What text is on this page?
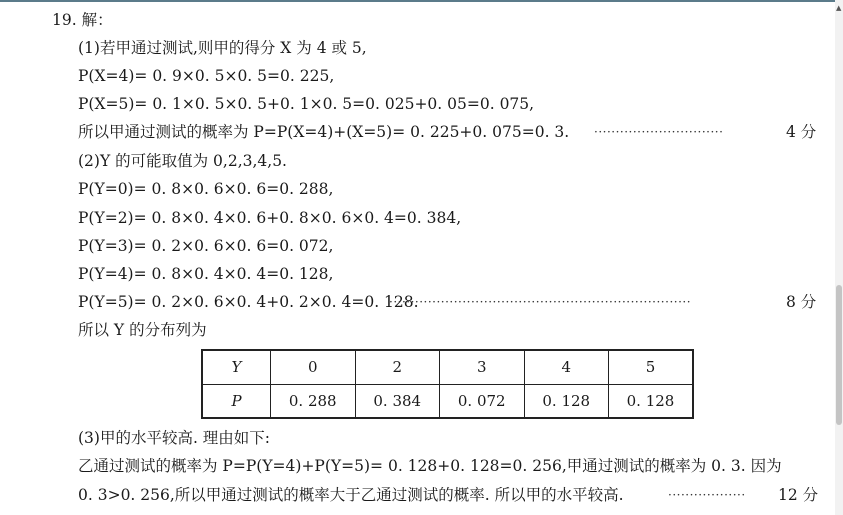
19. 解：
(1)若甲通过测试,则甲的得分 X 为 4 或 5,
P(X=4)= 0. 9×0. 5×0. 5=0. 225,
P(X=5)= 0. 1×0. 5×0. 5+0. 1×0. 5=0. 025+0. 05=0. 075,
所以甲通过测试的概率为 P=P(X=4)+(X=5)= 0. 225+0. 075=0. 3. ······························	4 分
(2)Y 的可能取值为 0,2,3,4,5.
P(Y=0)= 0. 8×0. 6×0. 6=0. 288,
P(Y=2)= 0. 8×0. 4×0. 6+0. 8×0. 6×0. 4=0. 384,
P(Y=3)= 0. 2×0. 6×0. 6=0. 072,
P(Y=4)= 0. 8×0. 4×0. 4=0. 128,
P(Y=5)= 0. 2×0. 6×0. 4+0. 2×0. 4=0. 128.
······································································	8 分
所以 Y 的分布列为
Y	0	2	3	4	5
P	0. 288	0. 384	0. 072	0. 128	0. 128
(3)甲的水平较高. 理由如下:
乙通过测试的概率为 P=P(Y=4)+P(Y=5)= 0. 128+0. 128=0. 256,甲通过测试的概率为 0. 3. 因为
0. 3>0. 256,所以甲通过测试的概率大于乙通过测试的概率. 所以甲的水平较高.	·················· 12 分
▲
